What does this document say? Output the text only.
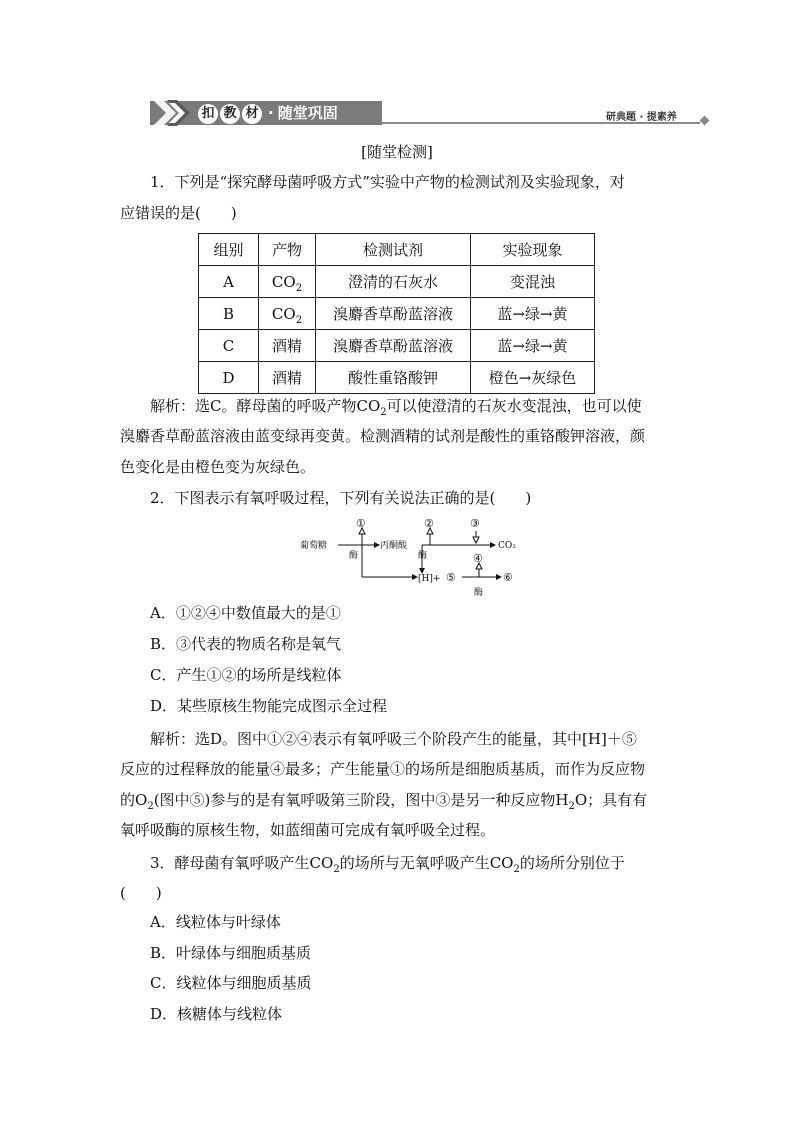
扣 教 材 · 随堂巩固	研典题 · 提素养
[随堂检测]
1．下列是“探究酵母菌呼吸方式”实验中产物的检测试剂及实验现象，对
应错误的是(　　)
组别	产物	检测试剂	实验现象
A	$CO_2$	澄清的石灰水	变混浊
B	$CO_2$	溴麝香草酚蓝溶液	蓝→绿→黄
C	酒精	溴麝香草酚蓝溶液	蓝→绿→黄
D	酒精	酸性重铬酸钾	橙色→灰绿色
解析：选C。酵母菌的呼吸产物$CO_2$可以使澄清的石灰水变混浊，也可以使
溴麝香草酚蓝溶液由蓝变绿再变黄。检测酒精的试剂是酸性的重铬酸钾溶液，颜
色变化是由橙色变为灰绿色。
2．下图表示有氧呼吸过程，下列有关说法正确的是(　　)
葡萄糖	丙酮酸
酶	酶
酶
CO₂
[H]+
①	②	③
④
⑤	⑥
A．①②④中数值最大的是①
B．③代表的物质名称是氧气
C．产生①②的场所是线粒体
D．某些原核生物能完成图示全过程
解析：选D。图中①②④表示有氧呼吸三个阶段产生的能量，其中[H]＋⑤
反应的过程释放的能量④最多；产生能量①的场所是细胞质基质，而作为反应物
的$O_2$(图中⑤)参与的是有氧呼吸第三阶段，图中③是另一种反应物$H_2O$；具有有
氧呼吸酶的原核生物，如蓝细菌可完成有氧呼吸全过程。
3．酵母菌有氧呼吸产生$CO_2$的场所与无氧呼吸产生$CO_2$的场所分别位于
(　　)
A．线粒体与叶绿体
B．叶绿体与细胞质基质
C．线粒体与细胞质基质
D．核糖体与线粒体
